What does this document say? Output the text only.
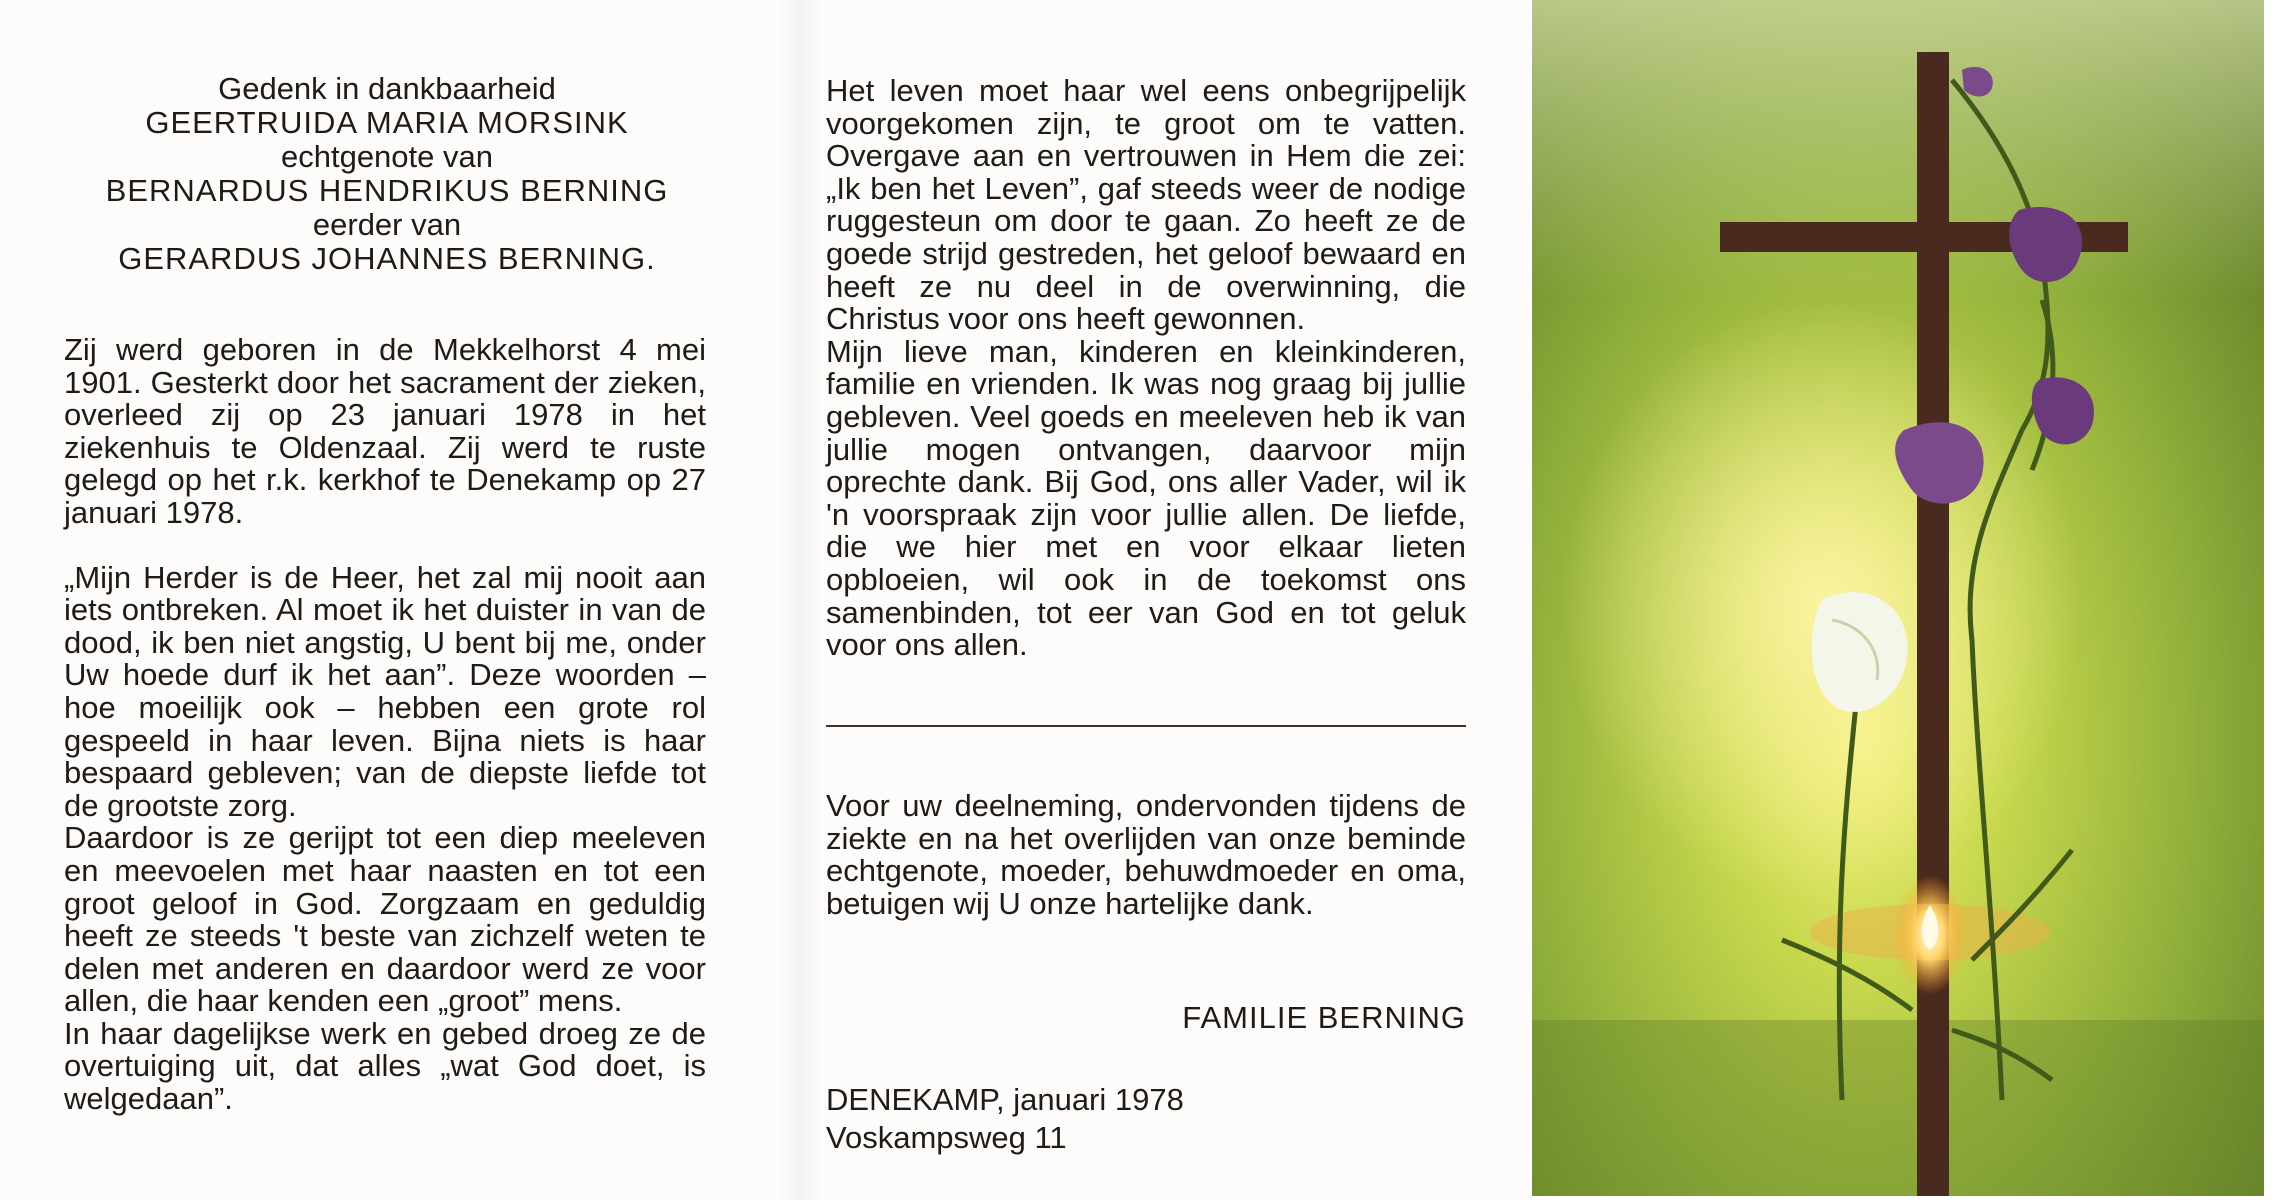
Gedenk in dankbaarheid
GEERTRUIDA MARIA MORSINK
echtgenote van
BERNARDUS HENDRIKUS BERNING
eerder van
GERARDUS JOHANNES BERNING.

Zij werd geboren in de Mekkelhorst 4 mei 1901. Gesterkt door het sacrament der zieken, overleed zij op 23 januari 1978 in het ziekenhuis te Oldenzaal. Zij werd te ruste gelegd op het r.k. kerkhof te Denekamp op 27 januari 1978.

„Mijn Herder is de Heer, het zal mij nooit aan iets ontbreken. Al moet ik het duister in van de dood, ik ben niet angstig, U bent bij me, onder Uw hoede durf ik het aan”. Deze woorden – hoe moeilijk ook – hebben een grote rol gespeeld in haar leven. Bijna niets is haar bespaard gebleven; van de diepste liefde tot de grootste zorg.

Daardoor is ze gerijpt tot een diep meeleven en meevoelen met haar naasten en tot een groot geloof in God. Zorgzaam en geduldig heeft ze steeds 't beste van zichzelf weten te delen met anderen en daardoor werd ze voor allen, die haar kenden een „groot” mens.

In haar dagelijkse werk en gebed droeg ze de overtuiging uit, dat alles „wat God doet, is welgedaan”.

Het leven moet haar wel eens onbegrijpelijk voorgekomen zijn, te groot om te vatten. Overgave aan en vertrouwen in Hem die zei: „Ik ben het Leven”, gaf steeds weer de nodige ruggesteun om door te gaan. Zo heeft ze de goede strijd gestreden, het geloof bewaard en heeft ze nu deel in de overwinning, die Christus voor ons heeft gewonnen.

Mijn lieve man, kinderen en kleinkinderen, familie en vrienden. Ik was nog graag bij jullie gebleven. Veel goeds en meeleven heb ik van jullie mogen ontvangen, daarvoor mijn oprechte dank. Bij God, ons aller Vader, wil ik 'n voorspraak zijn voor jullie allen. De liefde, die we hier met en voor elkaar lieten opbloeien, wil ook in de toekomst ons samenbinden, tot eer van God en tot geluk voor ons allen.

Voor uw deelneming, ondervonden tijdens de ziekte en na het overlijden van onze beminde echtgenote, moeder, behuwdmoeder en oma, betuigen wij U onze hartelijke dank.

FAMILIE BERNING
DENEKAMP, januari 1978
Voskampsweg 11
